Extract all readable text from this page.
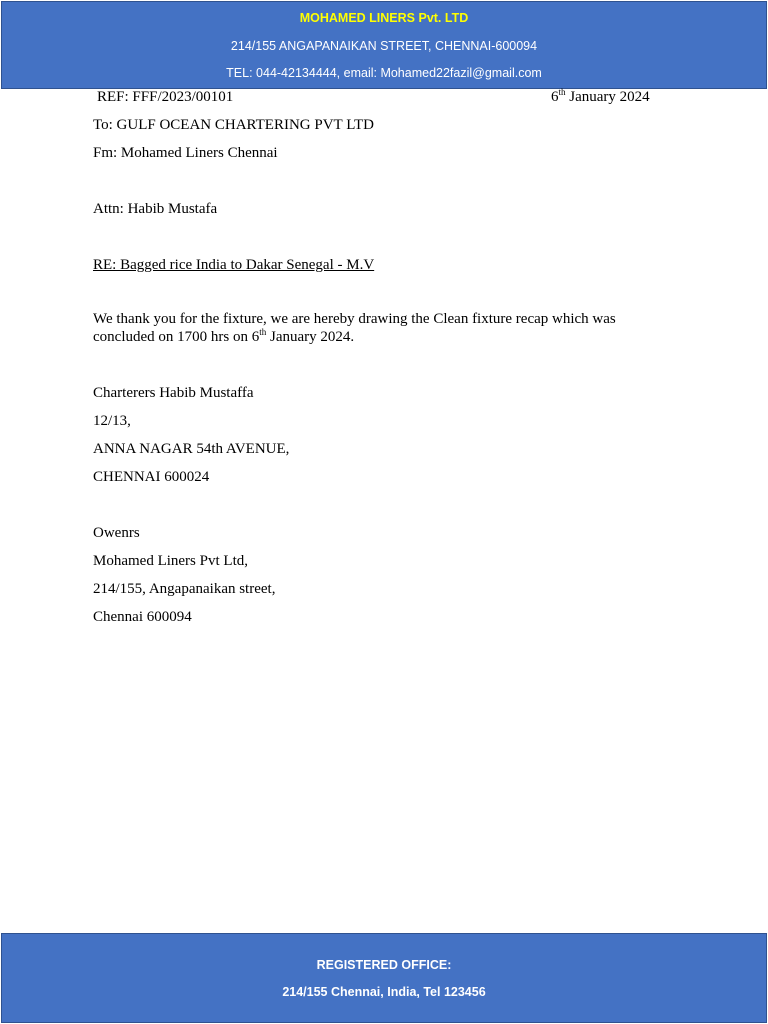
MOHAMED LINERS Pvt. LTD
214/155 ANGAPANAIKAN STREET, CHENNAI-600094
TEL: 044-42134444, email: Mohamed22fazil@gmail.com
REF: FFF/2023/00101	6th January 2024
To: GULF OCEAN CHARTERING PVT LTD
Fm: Mohamed Liners Chennai
Attn: Habib Mustafa
RE: Bagged rice India to Dakar Senegal - M.V
We thank you for the fixture, we are hereby drawing the Clean fixture recap which was concluded on 1700 hrs on 6th January 2024.
Charterers Habib Mustaffa
12/13,
ANNA NAGAR 54th AVENUE,
CHENNAI 600024
Owenrs
Mohamed Liners Pvt Ltd,
214/155, Angapanaikan street,
Chennai 600094
REGISTERED OFFICE:
214/155 Chennai, India, Tel 123456
